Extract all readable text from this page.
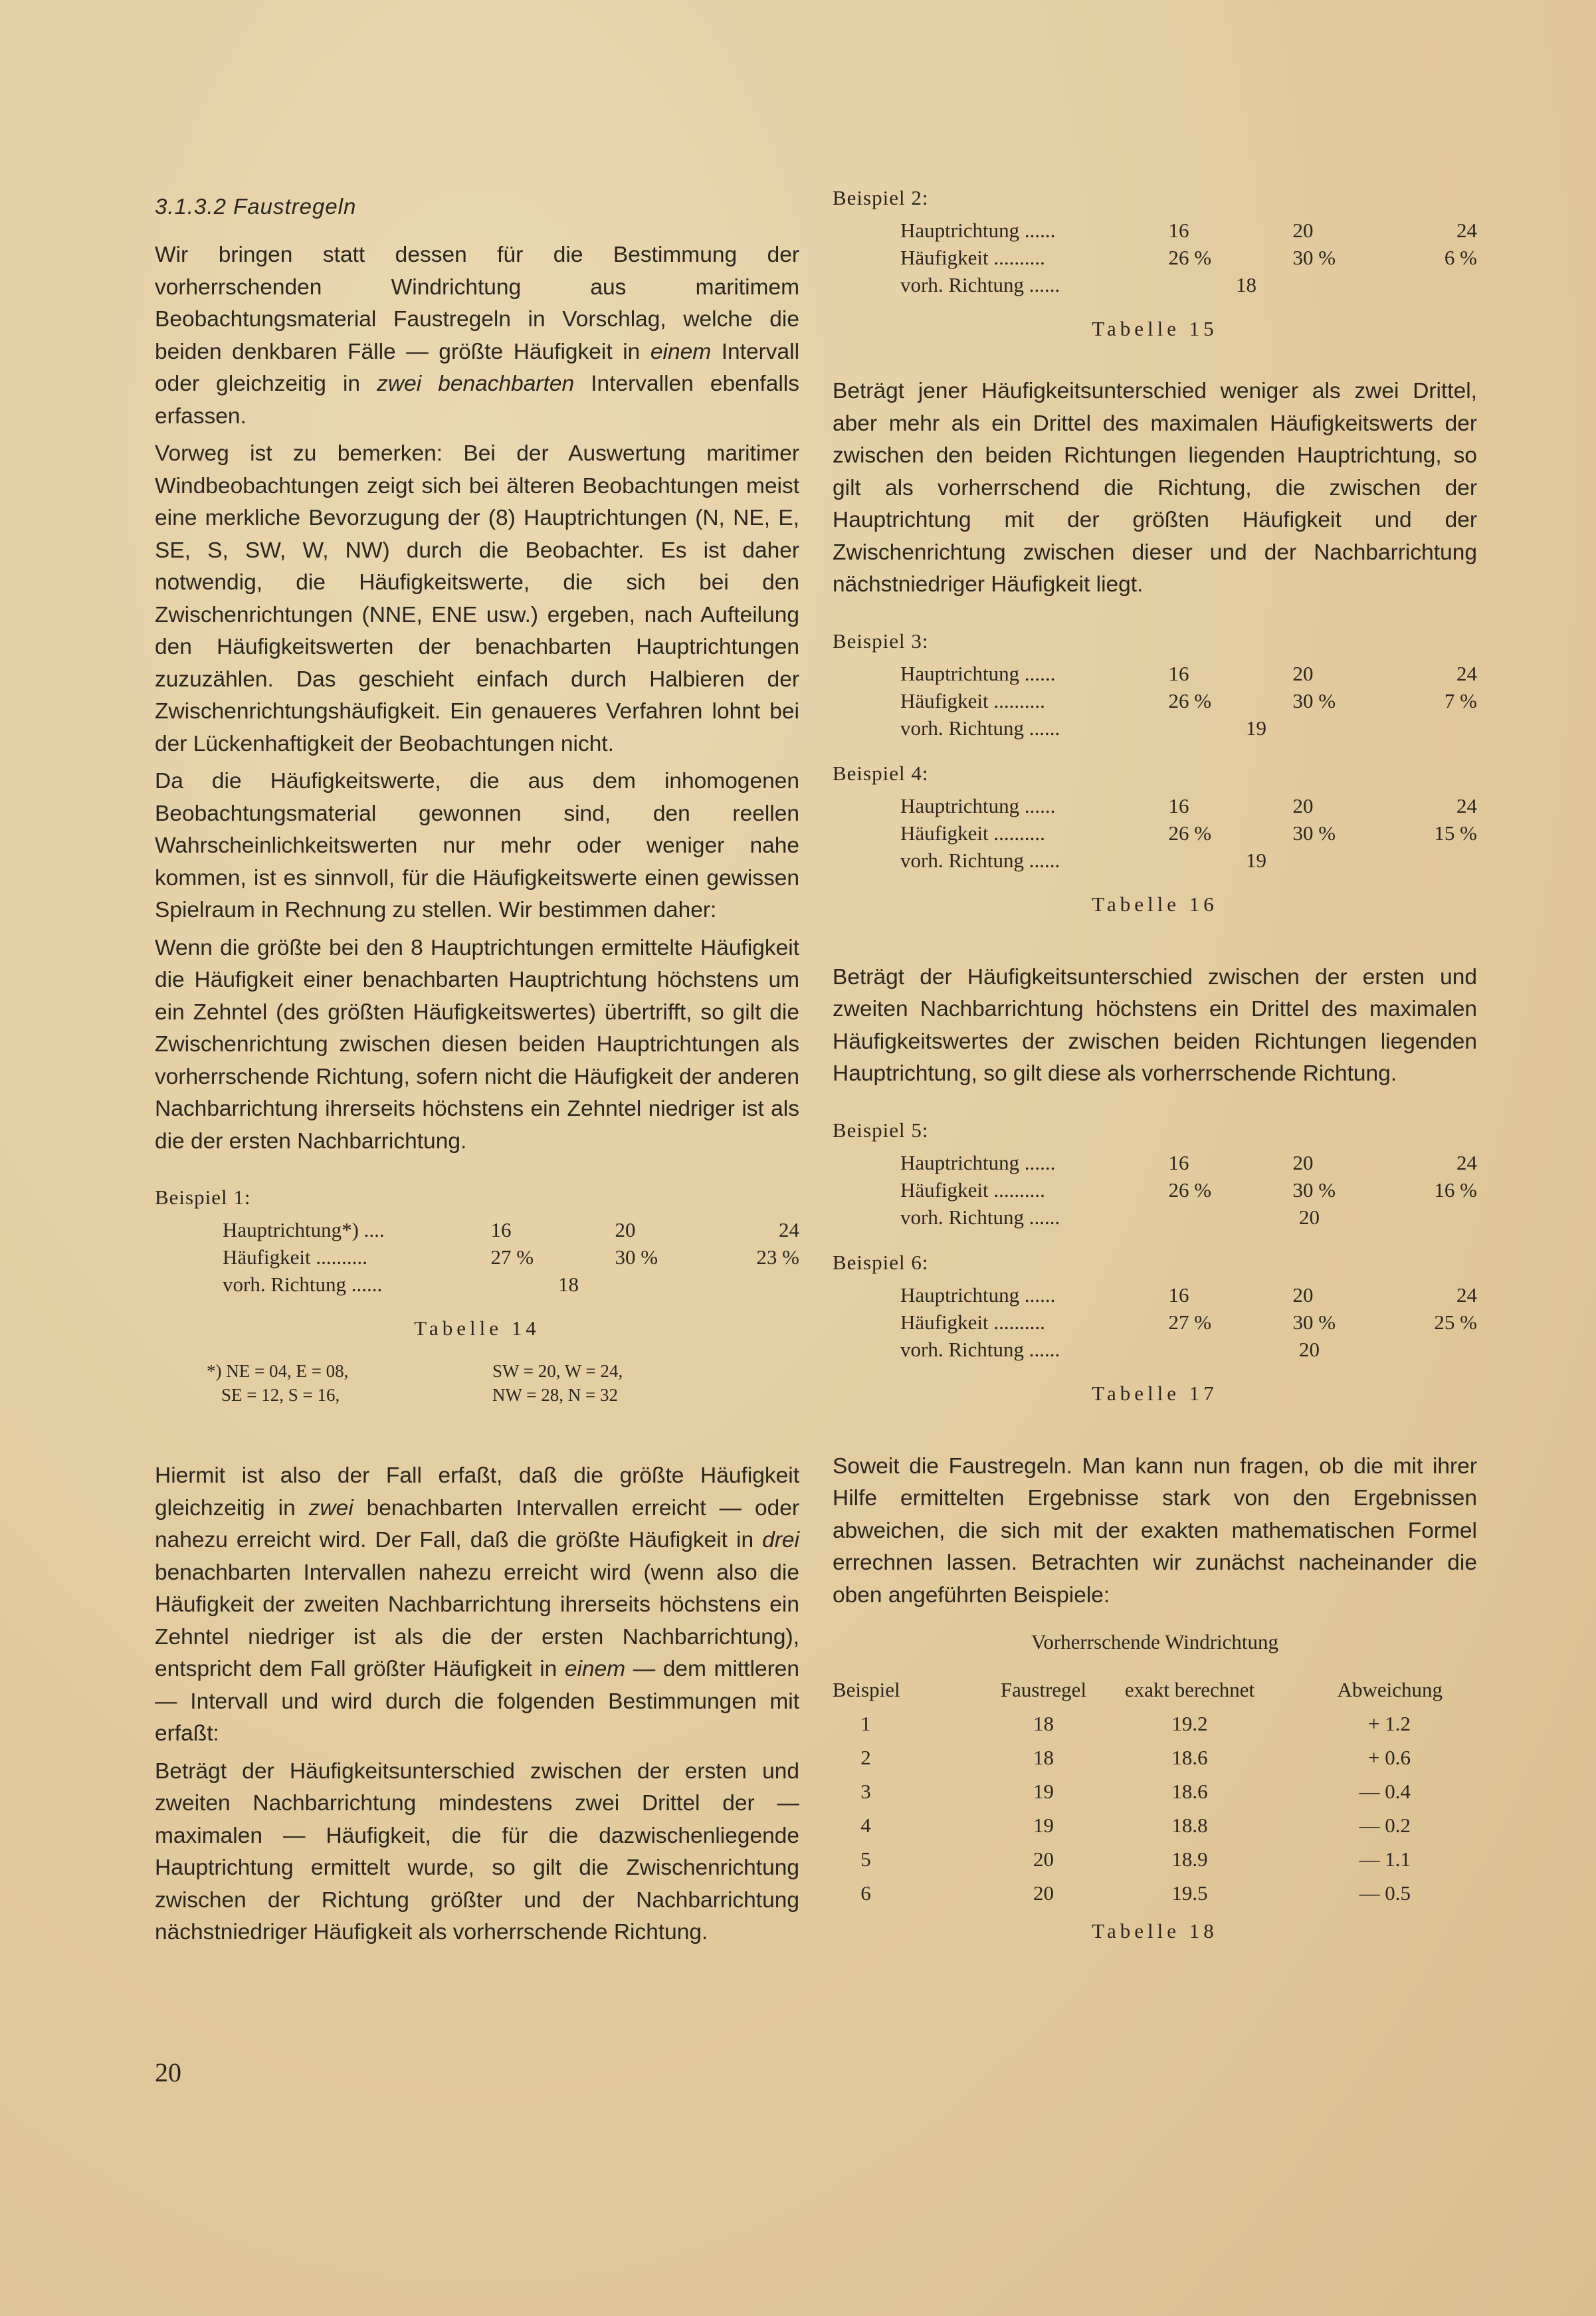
3.1.3.2 Faustregeln

Wir bringen statt dessen für die Bestimmung der vorherrschenden Windrichtung aus maritimem Beobachtungsmaterial Faustregeln in Vorschlag, welche die beiden denkbaren Fälle — größte Häufigkeit in einem Intervall oder gleichzeitig in zwei benachbarten Intervallen ebenfalls erfassen.

Vorweg ist zu bemerken: Bei der Auswertung maritimer Windbeobachtungen zeigt sich bei älteren Beobachtungen meist eine merkliche Bevorzugung der (8) Hauptrichtungen (N, NE, E, SE, S, SW, W, NW) durch die Beobachter. Es ist daher notwendig, die Häufigkeitswerte, die sich bei den Zwischenrichtungen (NNE, ENE usw.) ergeben, nach Aufteilung den Häufigkeitswerten der benachbarten Hauptrichtungen zuzuzählen. Das geschieht einfach durch Halbieren der Zwischenrichtungshäufigkeit. Ein genaueres Verfahren lohnt bei der Lückenhaftigkeit der Beobachtungen nicht.

Da die Häufigkeitswerte, die aus dem inhomogenen Beobachtungsmaterial gewonnen sind, den reellen Wahrscheinlichkeitswerten nur mehr oder weniger nahe kommen, ist es sinnvoll, für die Häufigkeitswerte einen gewissen Spielraum in Rechnung zu stellen. Wir bestimmen daher:

Wenn die größte bei den 8 Hauptrichtungen ermittelte Häufigkeit die Häufigkeit einer benachbarten Hauptrichtung höchstens um ein Zehntel (des größten Häufigkeitswertes) übertrifft, so gilt die Zwischenrichtung zwischen diesen beiden Hauptrichtungen als vorherrschende Richtung, sofern nicht die Häufigkeit der anderen Nachbarrichtung ihrerseits höchstens ein Zehntel niedriger ist als die der ersten Nachbarrichtung.

Beispiel 1:
Hauptrichtung*) ....	16	20	24
Häufigkeit ..........	27 %	30 %	23 %
vorh. Richtung ......	18
Tabelle 14
*) NE = 04, E = 08,	SW = 20, W = 24,
SE = 12, S = 16,	NW = 28, N = 32

Hiermit ist also der Fall erfaßt, daß die größte Häufigkeit gleichzeitig in zwei benachbarten Intervallen erreicht — oder nahezu erreicht wird. Der Fall, daß die größte Häufigkeit in drei benachbarten Intervallen nahezu erreicht wird (wenn also die Häufigkeit der zweiten Nachbarrichtung ihrerseits höchstens ein Zehntel niedriger ist als die der ersten Nachbarrichtung), entspricht dem Fall größter Häufigkeit in einem — dem mittleren — Intervall und wird durch die folgenden Bestimmungen mit erfaßt:

Beträgt der Häufigkeitsunterschied zwischen der ersten und zweiten Nachbarrichtung mindestens zwei Drittel der — maximalen — Häufigkeit, die für die dazwischenliegende Hauptrichtung ermittelt wurde, so gilt die Zwischenrichtung zwischen der Richtung größter und der Nachbarrichtung nächstniedriger Häufigkeit als vorherrschende Richtung.

Beispiel 2:
Hauptrichtung ......	16	20	24
Häufigkeit ..........	26 %	30 %	6 %
vorh. Richtung ......	18
Tabelle 15

Beträgt jener Häufigkeitsunterschied weniger als zwei Drittel, aber mehr als ein Drittel des maximalen Häufigkeitswerts der zwischen den beiden Richtungen liegenden Hauptrichtung, so gilt als vorherrschend die Richtung, die zwischen der Hauptrichtung mit der größten Häufigkeit und der Zwischenrichtung zwischen dieser und der Nachbarrichtung nächstniedriger Häufigkeit liegt.

Beispiel 3:
Hauptrichtung ......	16	20	24
Häufigkeit ..........	26 %	30 %	7 %
vorh. Richtung ......	19
Beispiel 4:
Hauptrichtung ......	16	20	24
Häufigkeit ..........	26 %	30 %	15 %
vorh. Richtung ......	19
Tabelle 16

Beträgt der Häufigkeitsunterschied zwischen der ersten und zweiten Nachbarrichtung höchstens ein Drittel des maximalen Häufigkeitswertes der zwischen beiden Richtungen liegenden Hauptrichtung, so gilt diese als vorherrschende Richtung.

Beispiel 5:
Hauptrichtung ......	16	20	24
Häufigkeit ..........	26 %	30 %	16 %
vorh. Richtung ......	20
Beispiel 6:
Hauptrichtung ......	16	20	24
Häufigkeit ..........	27 %	30 %	25 %
vorh. Richtung ......	20
Tabelle 17

Soweit die Faustregeln. Man kann nun fragen, ob die mit ihrer Hilfe ermittelten Ergebnisse stark von den Ergebnissen abweichen, die sich mit der exakten mathematischen Formel errechnen lassen. Betrachten wir zunächst nacheinander die oben angeführten Beispiele:

Vorherrschende Windrichtung
Beispiel	Faustregel	exakt berechnet	Abweichung
1	18	19.2	+ 1.2
2	18	18.6	+ 0.6
3	19	18.6	— 0.4
4	19	18.8	— 0.2
5	20	18.9	— 1.1
6	20	19.5	— 0.5
Tabelle 18
20
